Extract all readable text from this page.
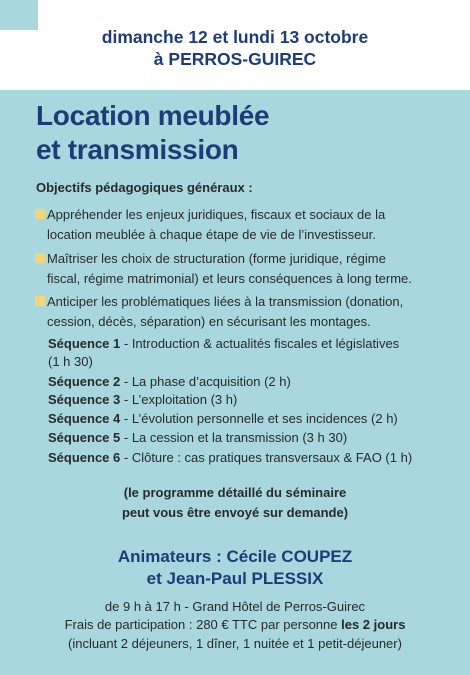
dimanche 12 et lundi 13 octobre
à PERROS-GUIREC
Location meublée
et transmission
Objectifs pédagogiques généraux :
Appréhender les enjeux juridiques, fiscaux et sociaux de la
location meublée à chaque étape de vie de l’investisseur.
Maîtriser les choix de structuration (forme juridique, régime
fiscal, régime matrimonial) et leurs conséquences à long terme.
Anticiper les problématiques liées à la transmission (donation,
cession, décès, séparation) en sécurisant les montages.
Séquence 1 - Introduction & actualités fiscales et législatives
(1 h 30)
Séquence 2 - La phase d’acquisition (2 h)
Séquence 3 - L’exploitation (3 h)
Séquence 4 - L’évolution personnelle et ses incidences (2 h)
Séquence 5 - La cession et la transmission (3 h 30)
Séquence 6 - Clôture : cas pratiques transversaux & FAO (1 h)
(le programme détaillé du séminaire
peut vous être envoyé sur demande)
Animateurs : Cécile COUPEZ
et Jean-Paul PLESSIX
de 9 h à 17 h - Grand Hôtel de Perros-Guirec
Frais de participation : 280 € TTC par personne les 2 jours
(incluant 2 déjeuners, 1 dîner, 1 nuitée et 1 petit-déjeuner)
